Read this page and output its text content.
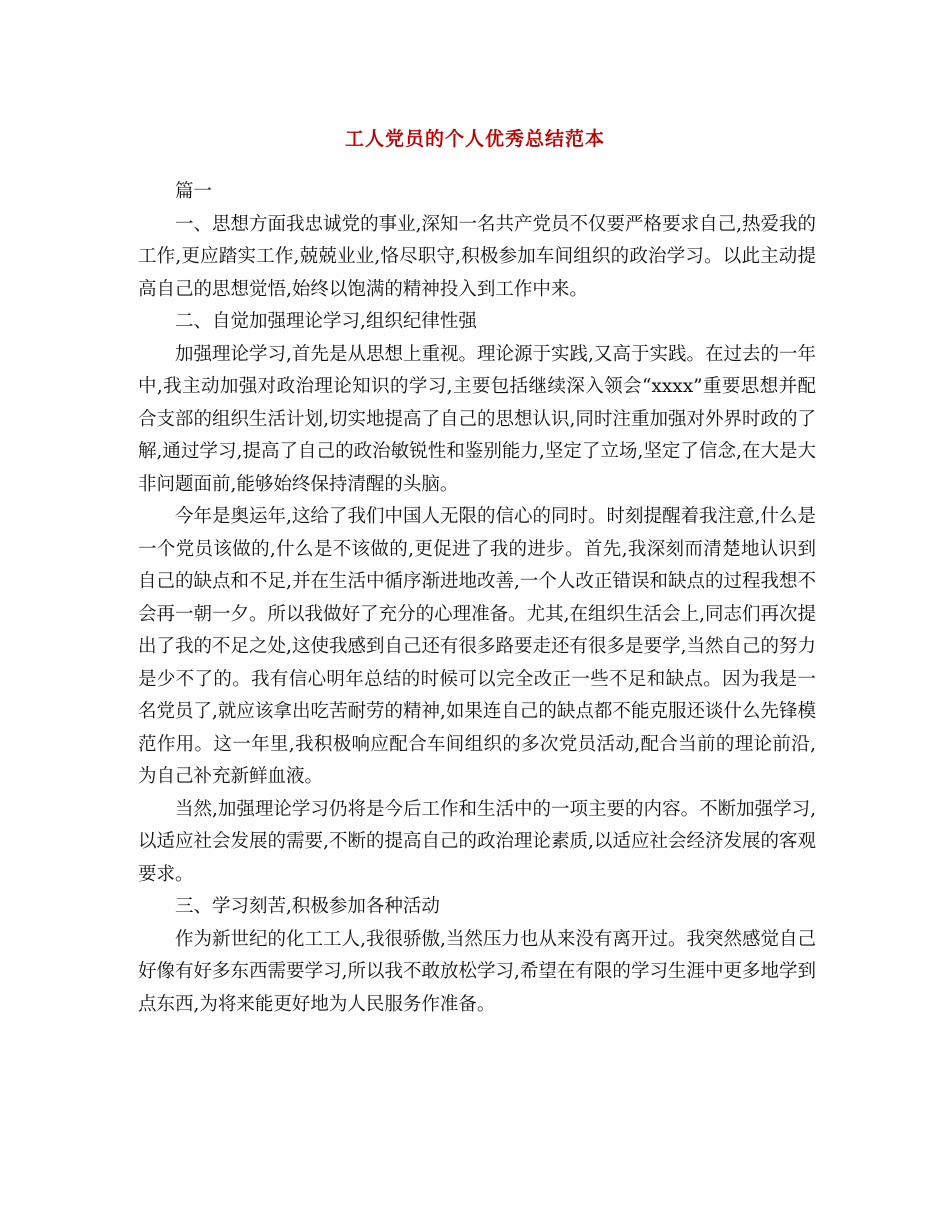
工人党员的个人优秀总结范本

篇一

一、思想方面我忠诚党的事业,深知一名共产党员不仅要严格要求自己,热爱我的工作,更应踏实工作,兢兢业业,恪尽职守,积极参加车间组织的政治学习。以此主动提高自己的思想觉悟,始终以饱满的精神投入到工作中来。

二、自觉加强理论学习,组织纪律性强

加强理论学习,首先是从思想上重视。理论源于实践,又高于实践。在过去的一年中,我主动加强对政治理论知识的学习,主要包括继续深入领会“xxxx”重要思想并配合支部的组织生活计划,切实地提高了自己的思想认识,同时注重加强对外界时政的了解,通过学习,提高了自己的政治敏锐性和鉴别能力,坚定了立场,坚定了信念,在大是大非问题面前,能够始终保持清醒的头脑。

今年是奥运年,这给了我们中国人无限的信心的同时。时刻提醒着我注意,什么是一个党员该做的,什么是不该做的,更促进了我的进步。首先,我深刻而清楚地认识到自己的缺点和不足,并在生活中循序渐进地改善,一个人改正错误和缺点的过程我想不会再一朝一夕。所以我做好了充分的心理准备。尤其,在组织生活会上,同志们再次提出了我的不足之处,这使我感到自己还有很多路要走还有很多是要学,当然自己的努力是少不了的。我有信心明年总结的时候可以完全改正一些不足和缺点。因为我是一名党员了,就应该拿出吃苦耐劳的精神,如果连自己的缺点都不能克服还谈什么先锋模范作用。这一年里,我积极响应配合车间组织的多次党员活动,配合当前的理论前沿,为自己补充新鲜血液。

当然,加强理论学习仍将是今后工作和生活中的一项主要的内容。不断加强学习,以适应社会发展的需要,不断的提高自己的政治理论素质,以适应社会经济发展的客观要求。

三、学习刻苦,积极参加各种活动

作为新世纪的化工工人,我很骄傲,当然压力也从来没有离开过。我突然感觉自己好像有好多东西需要学习,所以我不敢放松学习,希望在有限的学习生涯中更多地学到点东西,为将来能更好地为人民服务作准备。
